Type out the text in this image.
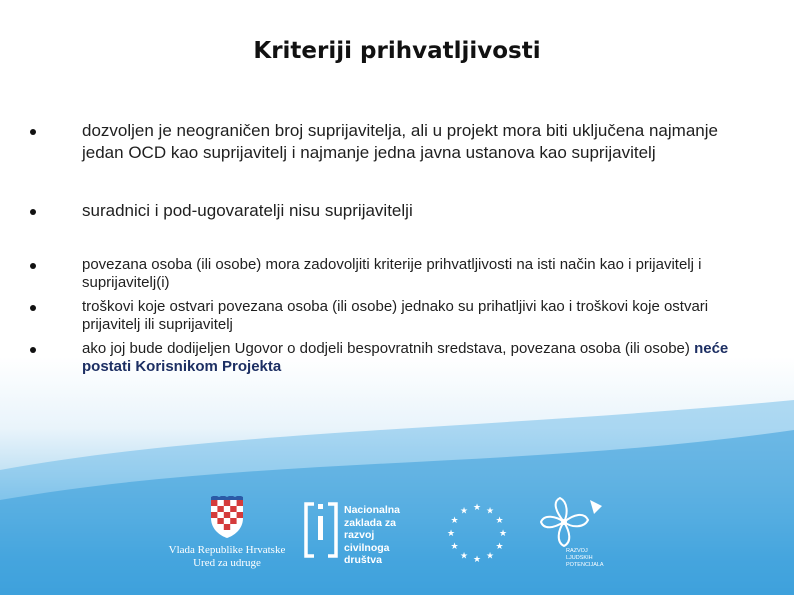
Kriteriji prihvatljivosti
dozvoljen je neograničen broj suprijavitelja, ali u projekt mora biti uključena najmanje jedan OCD kao suprijavitelj i najmanje jedna javna ustanova kao suprijavitelj
suradnici i pod-ugovaratelji nisu suprijavitelji
povezana osoba (ili osobe) mora zadovoljiti kriterije prihvatljivosti na isti način kao i prijavitelj i suprijavitelj(i)
troškovi koje ostvari povezana osoba (ili osobe) jednako su prihatljivi kao i troškovi koje ostvari prijavitelj ili suprijavitelj
ako joj bude dodijeljen Ugovor o dodjeli bespovratnih sredstava, povezana osoba (ili osobe) neće postati Korisnikom Projekta
Vlada Republike Hrvatske
Ured za udruge
Nacionalna
zaklada za
razvoj
civilnoga
društva
★ ★
★
★
★
★
★
★
★
★
★
★
RAZVOJ
LJUDSKIH
POTENCIJALA
